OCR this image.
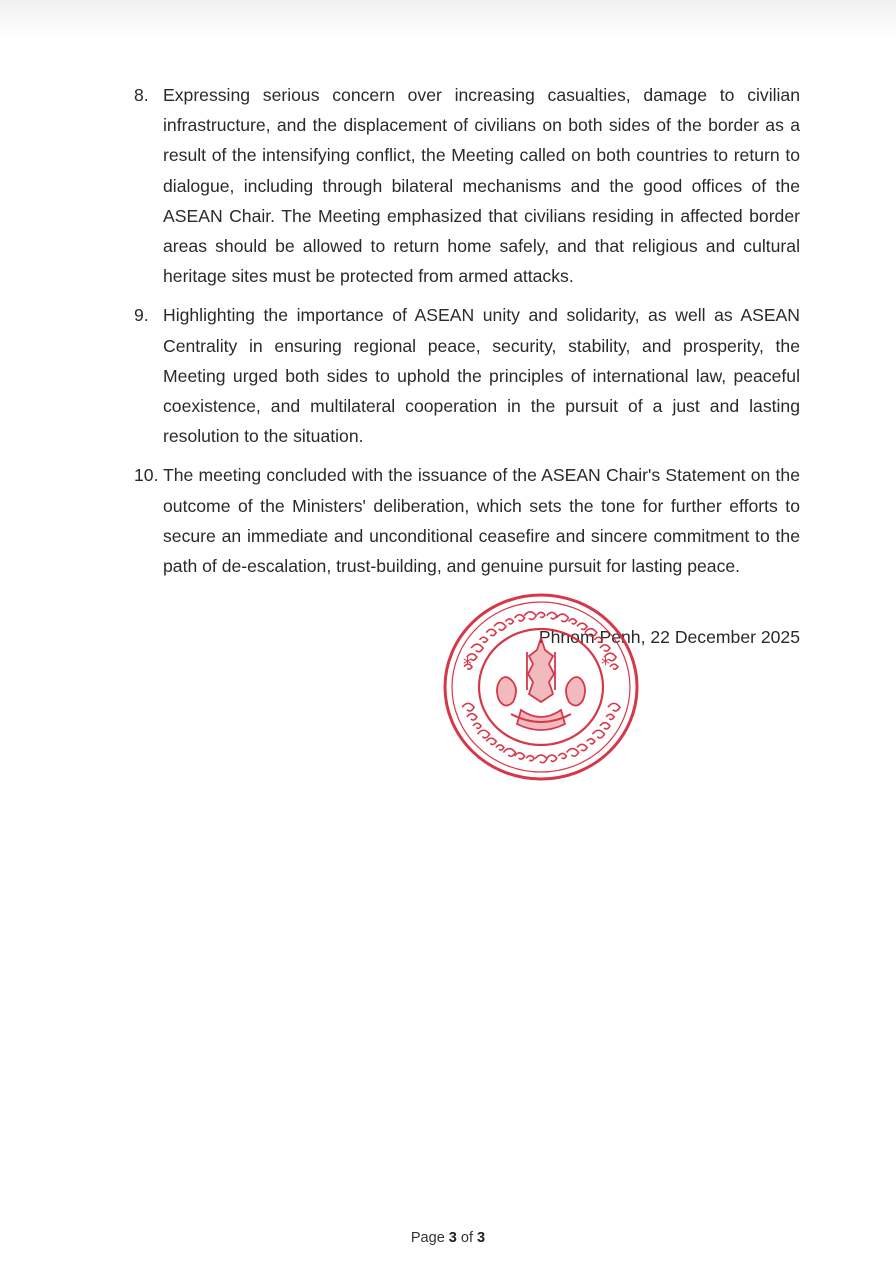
8. Expressing serious concern over increasing casualties, damage to civilian infrastructure, and the displacement of civilians on both sides of the border as a result of the intensifying conflict, the Meeting called on both countries to return to dialogue, including through bilateral mechanisms and the good offices of the ASEAN Chair. The Meeting emphasized that civilians residing in affected border areas should be allowed to return home safely, and that religious and cultural heritage sites must be protected from armed attacks.
9. Highlighting the importance of ASEAN unity and solidarity, as well as ASEAN Centrality in ensuring regional peace, security, stability, and prosperity, the Meeting urged both sides to uphold the principles of international law, peaceful coexistence, and multilateral cooperation in the pursuit of a just and lasting resolution to the situation.
10. The meeting concluded with the issuance of the ASEAN Chair's Statement on the outcome of the Ministers' deliberation, which sets the tone for further efforts to secure an immediate and unconditional ceasefire and sincere commitment to the path of de-escalation, trust-building, and genuine pursuit for lasting peace.
Phnom Penh, 22 December 2025
*	*
Page 3 of 3
